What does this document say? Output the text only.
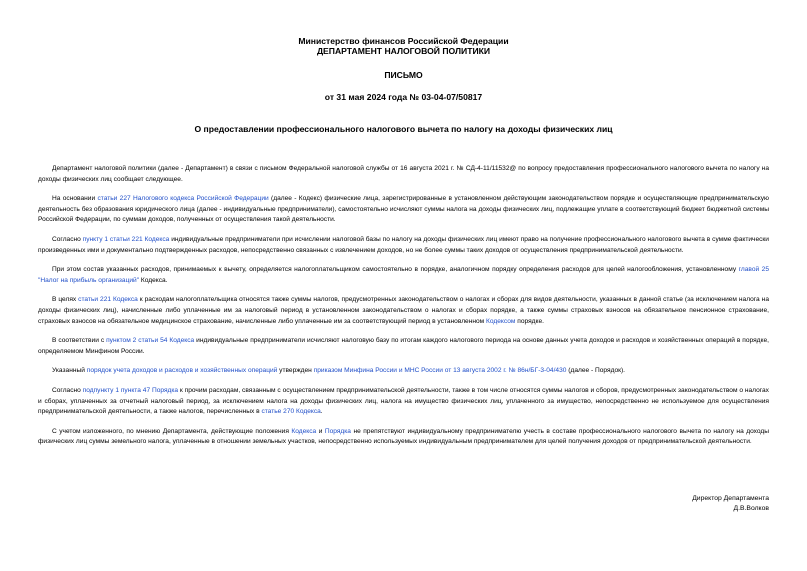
Министерство финансов Российской Федерации
ДЕПАРТАМЕНТ НАЛОГОВОЙ ПОЛИТИКИ
ПИСЬМО
от 31 мая 2024 года № 03-04-07/50817
О предоставлении профессионального налогового вычета по налогу на доходы физических лиц

Департамент налоговой политики (далее - Департамент) в связи с письмом Федеральной налоговой службы от 16 августа 2021 г. № СД-4-11/11532@ по вопросу предоставления профессионального налогового вычета по налогу на доходы физических лиц сообщает следующее.

На основании статьи 227 Налогового кодекса Российской Федерации (далее - Кодекс) физические лица, зарегистрированные в установленном действующим законодательством порядке и осуществляющие предпринимательскую деятельность без образования юридического лица (далее - индивидуальные предприниматели), самостоятельно исчисляют суммы налога на доходы физических лиц, подлежащие уплате в соответствующий бюджет бюджетной системы Российской Федерации, по суммам доходов, полученных от осуществления такой деятельности.

Согласно пункту 1 статьи 221 Кодекса индивидуальные предприниматели при исчислении налоговой базы по налогу на доходы физических лиц имеют право на получение профессионального налогового вычета в сумме фактически произведенных ими и документально подтвержденных расходов, непосредственно связанных с извлечением доходов, но не более суммы таких доходов от осуществления предпринимательской деятельности.

При этом состав указанных расходов, принимаемых к вычету, определяется налогоплательщиком самостоятельно в порядке, аналогичном порядку определения расходов для целей налогообложения, установленному главой 25 "Налог на прибыль организаций" Кодекса.

В целях статьи 221 Кодекса к расходам налогоплательщика относятся также суммы налогов, предусмотренных законодательством о налогах и сборах для видов деятельности, указанных в данной статье (за исключением налога на доходы физических лиц), начисленные либо уплаченные им за налоговый период в установленном законодательством о налогах и сборах порядке, а также суммы страховых взносов на обязательное пенсионное страхование, страховых взносов на обязательное медицинское страхование, начисленные либо уплаченные им за соответствующий период в установленном Кодексом порядке.

В соответствии с пунктом 2 статьи 54 Кодекса индивидуальные предприниматели исчисляют налоговую базу по итогам каждого налогового периода на основе данных учета доходов и расходов и хозяйственных операций в порядке, определяемом Минфином России.

Указанный порядок учета доходов и расходов и хозяйственных операций утвержден приказом Минфина России и МНС России от 13 августа 2002 г. № 86н/БГ-3-04/430 (далее - Порядок).

Согласно подпункту 1 пункта 47 Порядка к прочим расходам, связанным с осуществлением предпринимательской деятельности, также в том числе относятся суммы налогов и сборов, предусмотренных законодательством о налогах и сборах, уплаченных за отчетный налоговый период, за исключением налога на доходы физических лиц, налога на имущество физических лиц, уплаченного за имущество, непосредственно не используемое для осуществления предпринимательской деятельности, а также налогов, перечисленных в статье 270 Кодекса.

С учетом изложенного, по мнению Департамента, действующие положения Кодекса и Порядка не препятствуют индивидуальному предпринимателю учесть в составе профессионального налогового вычета по налогу на доходы физических лиц суммы земельного налога, уплаченные в отношении земельных участков, непосредственно используемых индивидуальным предпринимателем для целей получения доходов от предпринимательской деятельности.

Директор Департамента
Д.В.Волков
